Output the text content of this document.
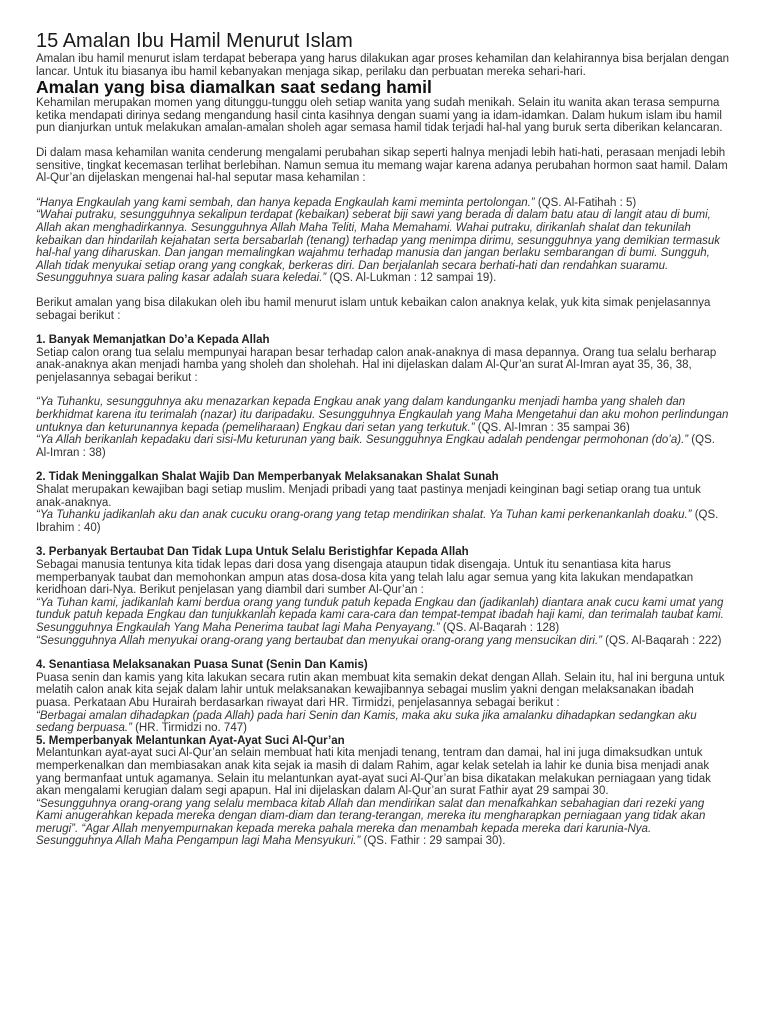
15 Amalan Ibu Hamil Menurut Islam

Amalan ibu hamil menurut islam terdapat beberapa yang harus dilakukan agar proses kehamilan dan kelahirannya bisa berjalan dengan lancar. Untuk itu biasanya ibu hamil kebanyakan menjaga sikap, perilaku dan perbuatan mereka sehari-hari.

Amalan yang bisa diamalkan saat sedang hamil

Kehamilan merupakan momen yang ditunggu-tunggu oleh setiap wanita yang sudah menikah. Selain itu wanita akan terasa sempurna ketika mendapati dirinya sedang mengandung hasil cinta kasihnya dengan suami yang ia idam-idamkan. Dalam hukum islam ibu hamil pun dianjurkan untuk melakukan amalan-amalan sholeh agar semasa hamil tidak terjadi hal-hal yang buruk serta diberikan kelancaran.

Di dalam masa kehamilan wanita cenderung mengalami perubahan sikap seperti halnya menjadi lebih hati-hati, perasaan menjadi lebih sensitive, tingkat kecemasan terlihat berlebihan. Namun semua itu memang wajar karena adanya perubahan hormon saat hamil. Dalam Al-Qur’an dijelaskan mengenai hal-hal seputar masa kehamilan :

“Hanya Engkaulah yang kami sembah, dan hanya kepada Engkaulah kami meminta pertolongan.” (QS. Al-Fatihah : 5)

“Wahai putraku, sesungguhnya sekalipun terdapat (kebaikan) seberat biji sawi yang berada di dalam batu atau di langit atau di bumi, Allah akan menghadirkannya. Sesungguhnya Allah Maha Teliti, Maha Memahami. Wahai putraku, dirikanlah shalat dan tekunilah kebaikan dan hindarilah kejahatan serta bersabarlah (tenang) terhadap yang menimpa dirimu, sesungguhnya yang demikian termasuk hal-hal yang diharuskan. Dan jangan memalingkan wajahmu terhadap manusia dan jangan berlaku sembarangan di bumi. Sungguh, Allah tidak menyukai setiap orang yang congkak, berkeras diri. Dan berjalanlah secara berhati-hati dan rendahkan suaramu. Sesungguhnya suara paling kasar adalah suara keledai.” (QS. Al-Lukman : 12 sampai 19).

Berikut amalan yang bisa dilakukan oleh ibu hamil menurut islam untuk kebaikan calon anaknya kelak, yuk kita simak penjelasannya sebagai berikut :

1. Banyak Memanjatkan Do’a Kepada Allah

Setiap calon orang tua selalu mempunyai harapan besar terhadap calon anak-anaknya di masa depannya. Orang tua selalu berharap anak-anaknya akan menjadi hamba yang sholeh dan sholehah. Hal ini dijelaskan dalam Al-Qur’an surat Al-Imran ayat 35, 36, 38, penjelasannya sebagai berikut :

“Ya Tuhanku, sesungguhnya aku menazarkan kepada Engkau anak yang dalam kandunganku menjadi hamba yang shaleh dan berkhidmat karena itu terimalah (nazar) itu daripadaku. Sesungguhnya Engkaulah yang Maha Mengetahui dan aku mohon perlindungan untuknya dan keturunannya kepada (pemeliharaan) Engkau dari setan yang terkutuk.” (QS. Al-Imran : 35 sampai 36)

“Ya Allah berikanlah kepadaku dari sisi-Mu keturunan yang baik. Sesungguhnya Engkau adalah pendengar permohonan (do’a).” (QS. Al-Imran : 38)

2. Tidak Meninggalkan Shalat Wajib Dan Memperbanyak Melaksanakan Shalat Sunah

Shalat merupakan kewajiban bagi setiap muslim. Menjadi pribadi yang taat pastinya menjadi keinginan bagi setiap orang tua untuk anak-anaknya.

“Ya Tuhanku jadikanlah aku dan anak cucuku orang-orang yang tetap mendirikan shalat. Ya Tuhan kami perkenankanlah doaku.” (QS. Ibrahim : 40)

3. Perbanyak Bertaubat Dan Tidak Lupa Untuk Selalu Beristighfar Kepada Allah

Sebagai manusia tentunya kita tidak lepas dari dosa yang disengaja ataupun tidak disengaja. Untuk itu senantiasa kita harus memperbanyak taubat dan memohonkan ampun atas dosa-dosa kita yang telah lalu agar semua yang kita lakukan mendapatkan keridhoan dari-Nya. Berikut penjelasan yang diambil dari sumber Al-Qur’an :

“Ya Tuhan kami, jadikanlah kami berdua orang yang tunduk patuh kepada Engkau dan (jadikanlah) diantara anak cucu kami umat yang tunduk patuh kepada Engkau dan tunjukkanlah kepada kami cara-cara dan tempat-tempat ibadah haji kami, dan terimalah taubat kami. Sesungguhnya Engkaulah Yang Maha Penerima taubat lagi Maha Penyayang.” (QS. Al-Baqarah : 128)

“Sesungguhnya Allah menyukai orang-orang yang bertaubat dan menyukai orang-orang yang mensucikan diri.” (QS. Al-Baqarah : 222)

4. Senantiasa Melaksanakan Puasa Sunat (Senin Dan Kamis)

Puasa senin dan kamis yang kita lakukan secara rutin akan membuat kita semakin dekat dengan Allah. Selain itu, hal ini berguna untuk melatih calon anak kita sejak dalam lahir untuk melaksanakan kewajibannya sebagai muslim yakni dengan melaksanakan ibadah puasa. Perkataan Abu Hurairah berdasarkan riwayat dari HR. Tirmidzi, penjelasannya sebagai berikut :

“Berbagai amalan dihadapkan (pada Allah) pada hari Senin dan Kamis, maka aku suka jika amalanku dihadapkan sedangkan aku sedang berpuasa.” (HR. Tirmidzi no. 747)

5. Memperbanyak Melantunkan Ayat-Ayat Suci Al-Qur’an

Melantunkan ayat-ayat suci Al-Qur’an selain membuat hati kita menjadi tenang, tentram dan damai, hal ini juga dimaksudkan untuk memperkenalkan dan membiasakan anak kita sejak ia masih di dalam Rahim, agar kelak setelah ia lahir ke dunia bisa menjadi anak yang bermanfaat untuk agamanya. Selain itu melantunkan ayat-ayat suci Al-Qur’an bisa dikatakan melakukan perniagaan yang tidak akan mengalami kerugian dalam segi apapun. Hal ini dijelaskan dalam Al-Qur’an surat Fathir ayat 29 sampai 30.

“Sesungguhnya orang-orang yang selalu membaca kitab Allah dan mendirikan salat dan menafkahkan sebahagian dari rezeki yang Kami anugerahkan kepada mereka dengan diam-diam dan terang-terangan, mereka itu mengharapkan perniagaan yang tidak akan merugi”. “Agar Allah menyempurnakan kepada mereka pahala mereka dan menambah kepada mereka dari karunia-Nya. Sesungguhnya Allah Maha Pengampun lagi Maha Mensyukuri.” (QS. Fathir : 29 sampai 30).
